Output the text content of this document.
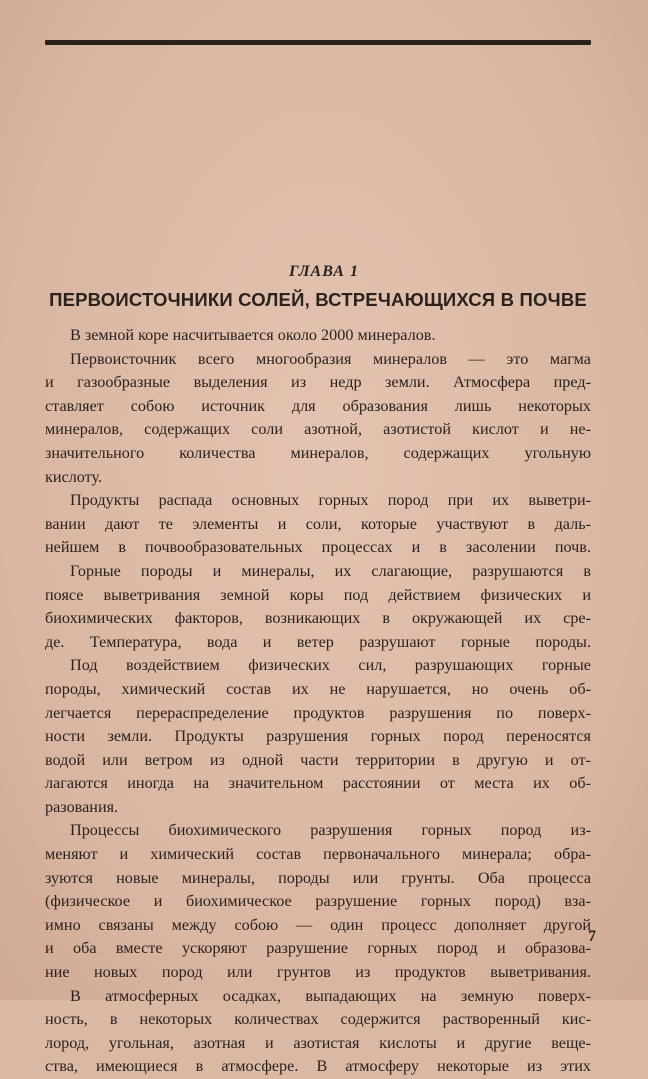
ГЛАВА 1
ПЕРВОИСТОЧНИКИ СОЛЕЙ, ВСТРЕЧАЮЩИХСЯ В ПОЧВЕ
В земной коре насчитывается около 2000 минералов.
Первоисточник всего многообразия минералов — это магма
и газообразные выделения из недр земли. Атмосфера пред-
ставляет собою источник для образования лишь некоторых
минералов, содержащих соли азотной, азотистой кислот и не-
значительного количества минералов, содержащих угольную
кислоту.
Продукты распада основных горных пород при их выветри-
вании дают те элементы и соли, которые участвуют в даль-
нейшем в почвообразовательных процессах и в засолении почв.
Горные породы и минералы, их слагающие, разрушаются в
поясе выветривания земной коры под действием физических и
биохимических факторов, возникающих в окружающей их сре-
де. Температура, вода и ветер разрушают горные породы.
Под воздействием физических сил, разрушающих горные
породы, химический состав их не нарушается, но очень об-
легчается перераспределение продуктов разрушения по поверх-
ности земли. Продукты разрушения горных пород переносятся
водой или ветром из одной части территории в другую и от-
лагаются иногда на значительном расстоянии от места их об-
разования.
Процессы биохимического разрушения горных пород из-
меняют и химический состав первоначального минерала; обра-
зуются новые минералы, породы или грунты. Оба процесса
(физическое и биохимическое разрушение горных пород) вза-
имно связаны между собою — один процесс дополняет другой
и оба вместе ускоряют разрушение горных пород и образова-
ние новых пород или грунтов из продуктов выветривания.
В атмосферных осадках, выпадающих на земную поверх-
ность, в некоторых количествах содержится растворенный кис-
лород, угольная, азотная и азотистая кислоты и другие веще-
ства, имеющиеся в атмосфере. В атмосферу некоторые из этих
7
